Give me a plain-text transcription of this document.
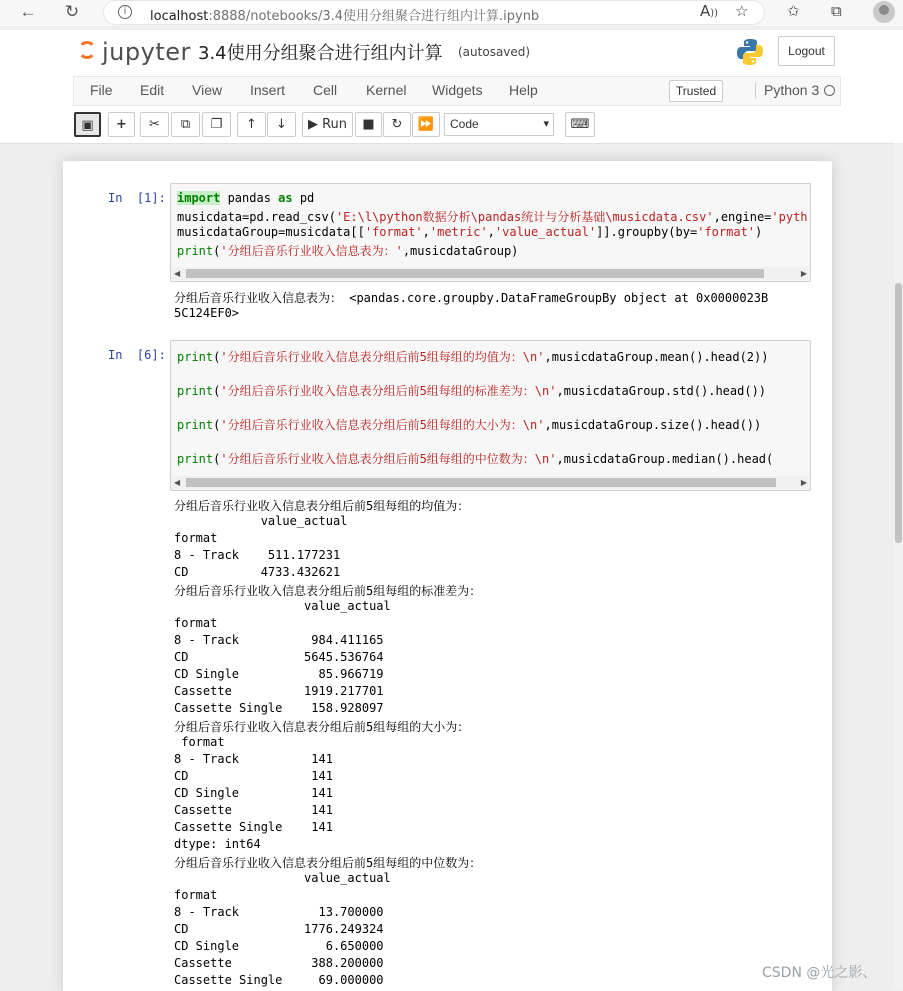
←	↻	i	localhost:8888/notebooks/3.4使用分组聚合进行组内计算.ipynb	A)) ☆	✩ ⧉
jupyter 3.4使用分组聚合进行组内计算 (autosaved)	Logout
File Edit View Insert Cell Kernel Widgets Help	Trusted	Python 3
▣	+	✂	⧉	❐	↑	↓	▶︎ Run	■	↻	⏩	Code	▾	⌨
In  [1]: import pandas as pd
musicdata=pd.read_csv('E:\l\python数据分析\pandas统计与分析基础\musicdata.csv',engine='pyth
musicdataGroup=musicdata[['format','metric','value_actual']].groupby(by='format')
print('分组后音乐行业收入信息表为：',musicdataGroup)
◀	▶
分组后音乐行业收入信息表为： <pandas.core.groupby.DataFrameGroupBy object at 0x0000023B
5C124EF0>
In  [6]: print('分组后音乐行业收入信息表分组后前5组每组的均值为：\n',musicdataGroup.mean().head(2))
print('分组后音乐行业收入信息表分组后前5组每组的标准差为：\n',musicdataGroup.std().head())
print('分组后音乐行业收入信息表分组后前5组每组的大小为：\n',musicdataGroup.size().head())
print('分组后音乐行业收入信息表分组后前5组每组的中位数为：\n',musicdataGroup.median().head(
◀	▶
分组后音乐行业收入信息表分组后前5组每组的均值为：
value_actual
format
8 - Track    511.177231
CD          4733.432621
分组后音乐行业收入信息表分组后前5组每组的标准差为：
value_actual
format
8 - Track          984.411165
CD                5645.536764
CD Single           85.966719
Cassette          1919.217701
Cassette Single    158.928097
分组后音乐行业收入信息表分组后前5组每组的大小为：
format
8 - Track          141
CD                 141
CD Single          141
Cassette           141
Cassette Single    141
dtype: int64
分组后音乐行业收入信息表分组后前5组每组的中位数为：
value_actual
format
8 - Track           13.700000
CD                1776.249324
CD Single            6.650000
Cassette           388.200000
Cassette Single     69.000000	CSDN @光之影、
